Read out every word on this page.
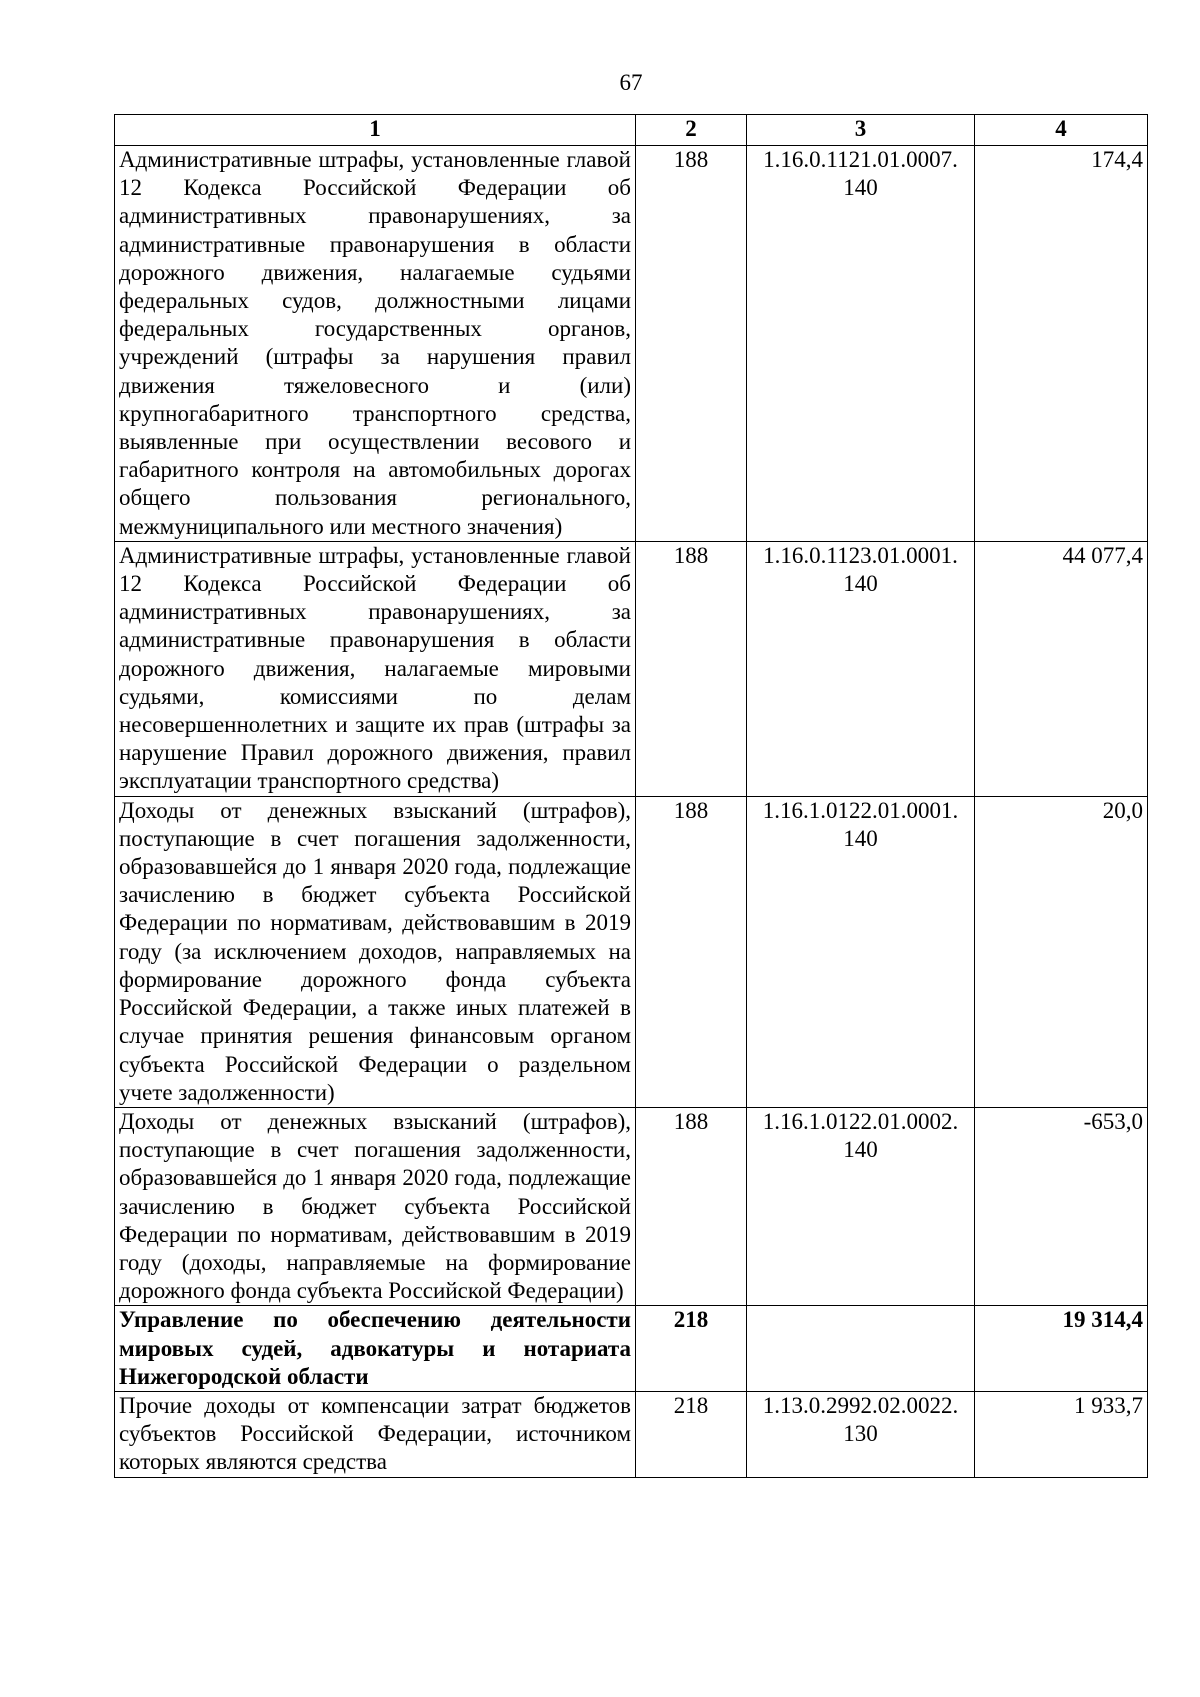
67
1	2	3	4
Административные штрафы, установленные главой 12 Кодекса Российской Федерации об административных правонарушениях, за административные правонарушения в области дорожного движения, налагаемые судьями федеральных судов, должностными лицами федеральных государственных органов, учреждений (штрафы за нарушения правил движения тяжеловесного и (или) крупногабаритного транспортного средства, выявленные при осуществлении весового и габаритного контроля на автомобильных дорогах общего пользования регионального, межмуниципального или местного значения)	188	1.16.0.1121.01.0007. 140	174,4
Административные штрафы, установленные главой 12 Кодекса Российской Федерации об административных правонарушениях, за административные правонарушения в области дорожного движения, налагаемые мировыми судьями, комиссиями по делам несовершеннолетних и защите их прав (штрафы за нарушение Правил дорожного движения, правил эксплуатации транспортного средства)	188	1.16.0.1123.01.0001. 140	44 077,4
Доходы от денежных взысканий (штрафов), поступающие в счет погашения задолженности, образовавшейся до 1 января 2020 года, подлежащие зачислению в бюджет субъекта Российской Федерации по нормативам, действовавшим в 2019 году (за исключением доходов, направляемых на формирование дорожного фонда субъекта Российской Федерации, а также иных платежей в случае принятия решения финансовым органом субъекта Российской Федерации о раздельном учете задолженности)	188	1.16.1.0122.01.0001. 140	20,0
Доходы от денежных взысканий (штрафов), поступающие в счет погашения задолженности, образовавшейся до 1 января 2020 года, подлежащие зачислению в бюджет субъекта Российской Федерации по нормативам, действовавшим в 2019 году (доходы, направляемые на формирование дорожного фонда субъекта Российской Федерации)	188	1.16.1.0122.01.0002. 140	-653,0
Управление по обеспечению деятельности мировых судей, адвокатуры и нотариата Нижегородской области	218		19 314,4
Прочие доходы от компенсации затрат бюджетов субъектов Российской Федерации, источником которых являются средства	218	1.13.0.2992.02.0022. 130	1 933,7
